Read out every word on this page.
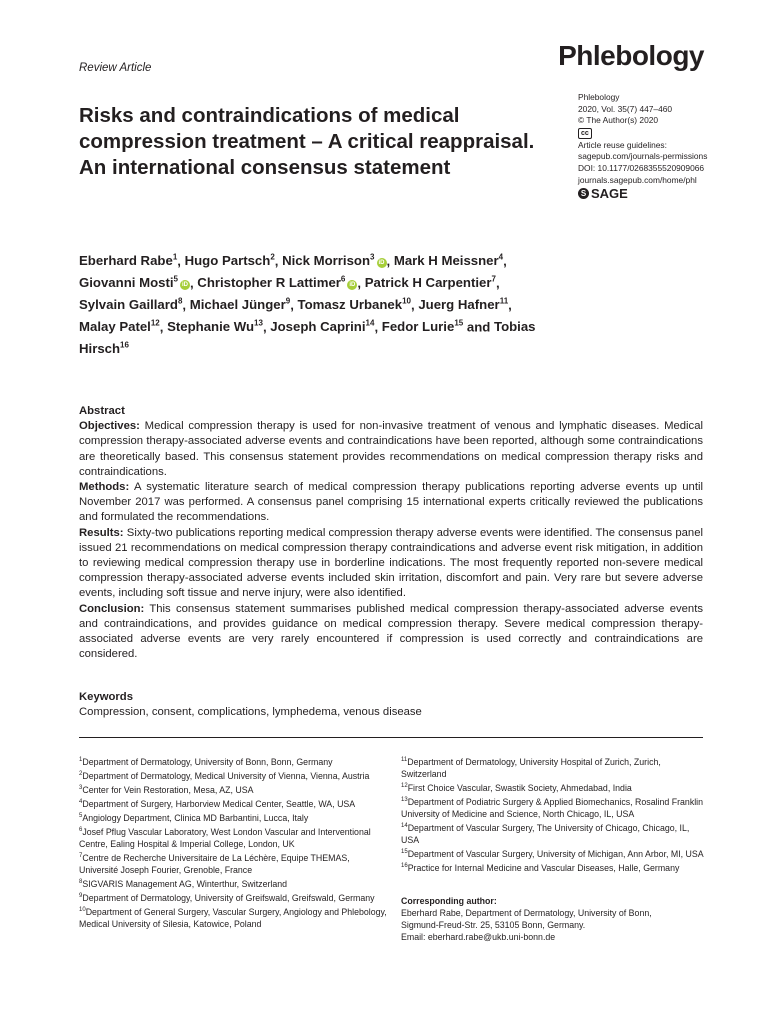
Review Article	Phlebology
Phlebology
2020, Vol. 35(7) 447–460
© The Author(s) 2020
cc
Article reuse guidelines:
sagepub.com/journals-permissions
DOI: 10.1177/0268355520909066
journals.sagepub.com/home/phl
S SAGE
Risks and contraindications of medical compression treatment – A critical reappraisal. An international consensus statement
Eberhard Rabe$^1$, Hugo Partsch$^2$, Nick Morrison$^3$iD , Mark H Meissner$^4$, Giovanni Mosti$^5$iD , Christopher R Lattimer$^6$iD , Patrick H Carpentier$^7$, Sylvain Gaillard$^8$, Michael Jünger$^9$, Tomasz Urbanek$^{10}$, Juerg Hafner$^{11}$, Malay Patel$^{12}$, Stephanie Wu$^{13}$, Joseph Caprini$^{14}$, Fedor Lurie$^{15}$ and Tobias Hirsch$^{16}$

Abstract

Objectives: Medical compression therapy is used for non-invasive treatment of venous and lymphatic diseases. Medical compression therapy-associated adverse events and contraindications have been reported, although some contraindications are theoretically based. This consensus statement provides recommendations on medical compression therapy risks and contraindications.

Methods: A systematic literature search of medical compression therapy publications reporting adverse events up until November 2017 was performed. A consensus panel comprising 15 international experts critically reviewed the publications and formulated the recommendations.

Results: Sixty-two publications reporting medical compression therapy adverse events were identified. The consensus panel issued 21 recommendations on medical compression therapy contraindications and adverse event risk mitigation, in addition to reviewing medical compression therapy use in borderline indications. The most frequently reported non-severe medical compression therapy-associated adverse events included skin irritation, discomfort and pain. Very rare but severe adverse events, including soft tissue and nerve injury, were also identified.

Conclusion: This consensus statement summarises published medical compression therapy-associated adverse events and contraindications, and provides guidance on medical compression therapy. Severe medical compression therapy-associated adverse events are very rarely encountered if compression is used correctly and contraindications are considered.

Keywords
Compression, consent, complications, lymphedema, venous disease

$^1$Department of Dermatology, University of Bonn, Bonn, Germany

$^2$Department of Dermatology, Medical University of Vienna, Vienna, Austria

$^3$Center for Vein Restoration, Mesa, AZ, USA

$^4$Department of Surgery, Harborview Medical Center, Seattle, WA, USA

$^5$Angiology Department, Clinica MD Barbantini, Lucca, Italy

$^6$Josef Pflug Vascular Laboratory, West London Vascular and Interventional Centre, Ealing Hospital & Imperial College, London, UK

$^7$Centre de Recherche Universitaire de La Léchère, Equipe THEMAS, Université Joseph Fourier, Grenoble, France

$^8$SIGVARIS Management AG, Winterthur, Switzerland

$^9$Department of Dermatology, University of Greifswald, Greifswald, Germany

$^{10}$Department of General Surgery, Vascular Surgery, Angiology and Phlebology, Medical University of Silesia, Katowice, Poland

$^{11}$Department of Dermatology, University Hospital of Zurich, Zurich, Switzerland

$^{12}$First Choice Vascular, Swastik Society, Ahmedabad, India

$^{13}$Department of Podiatric Surgery & Applied Biomechanics, Rosalind Franklin University of Medicine and Science, North Chicago, IL, USA

$^{14}$Department of Vascular Surgery, The University of Chicago, Chicago, IL, USA

$^{15}$Department of Vascular Surgery, University of Michigan, Ann Arbor, MI, USA

$^{16}$Practice for Internal Medicine and Vascular Diseases, Halle, Germany

Corresponding author:
Eberhard Rabe, Department of Dermatology, University of Bonn,
Sigmund-Freud-Str. 25, 53105 Bonn, Germany.
Email: eberhard.rabe@ukb.uni-bonn.de
